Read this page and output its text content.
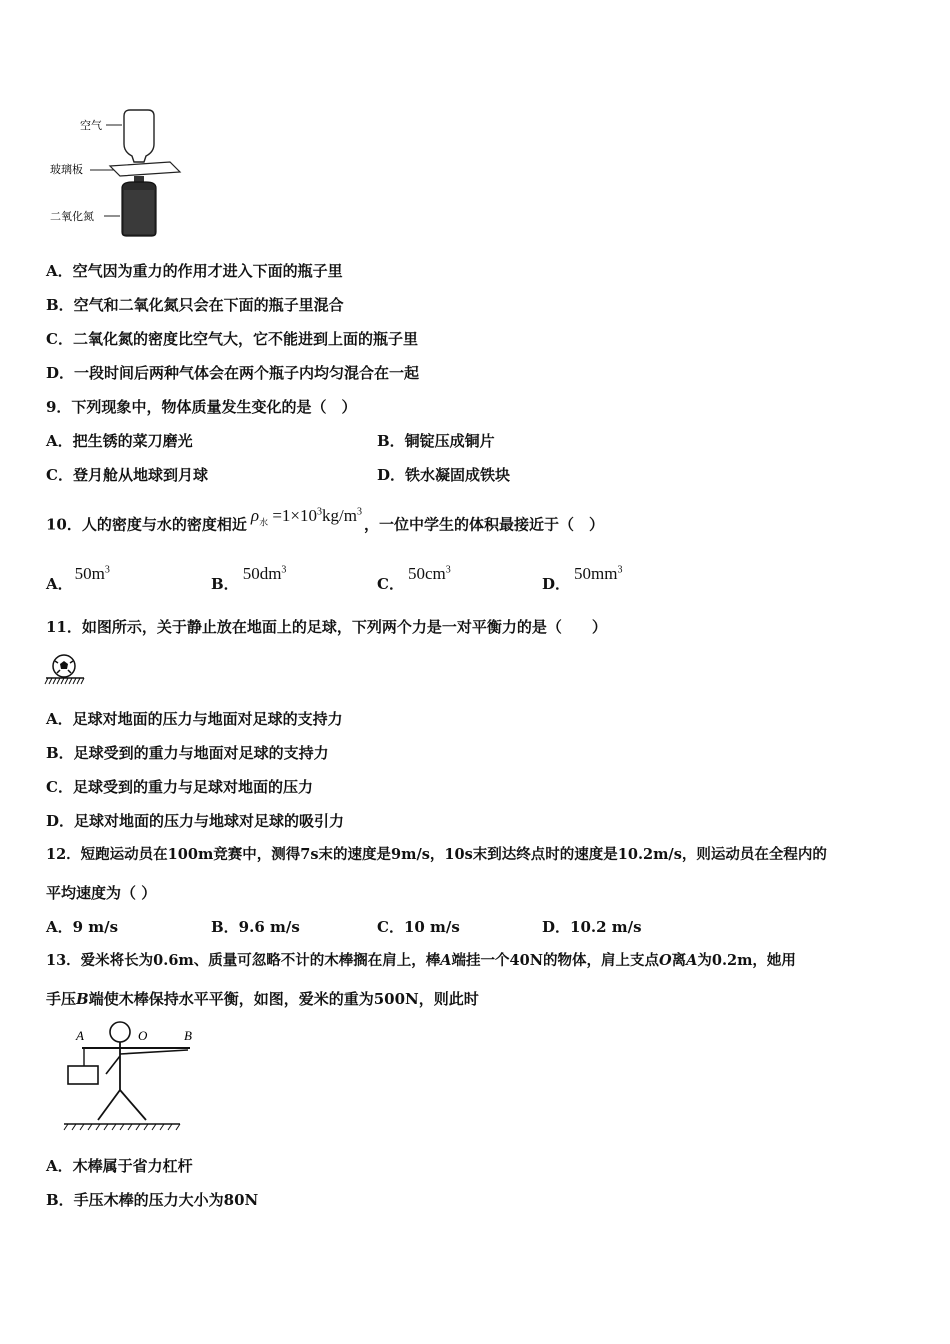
空气
玻璃板
二氧化氮
A．空气因为重力的作用才进入下面的瓶子里
B．空气和二氧化氮只会在下面的瓶子里混合
C．二氧化氮的密度比空气大，它不能进到上面的瓶子里
D．一段时间后两种气体会在两个瓶子内均匀混合在一起
9．下列现象中，物体质量发生变化的是（　）
A．把生锈的菜刀磨光	B．铜锭压成铜片
C．登月舱从地球到月球	D．铁水凝固成铁块
10．人的密度与水的密度相近 $\rho_水 =1\times 10^3kg/m^3$，一位中学生的体积最接近于（　）
A．$50m^3$
B．$50dm^3$
C．$50cm^3$
D．$50mm^3$
11．如图所示，关于静止放在地面上的足球，下列两个力是一对平衡力的是（　　）
A．足球对地面的压力与地面对足球的支持力
B．足球受到的重力与地面对足球的支持力
C．足球受到的重力与足球对地面的压力
D．足球对地面的压力与地球对足球的吸引力
12．短跑运动员在100m竞赛中，测得7s末的速度是9m/s，10s末到达终点时的速度是10.2m/s，则运动员在全程内的
平均速度为（ ）
A．9 m/s	B．9.6 m/s	C．10 m/s	D．10.2 m/s
13．爱米将长为0.6m、质量可忽略不计的木棒搁在肩上，棒A端挂一个40N的物体，肩上支点O离A为0.2m，她用
手压B端使木棒保持水平平衡，如图，爱米的重为500N，则此时
A	O	B
A．木棒属于省力杠杆
B．手压木棒的压力大小为80N
